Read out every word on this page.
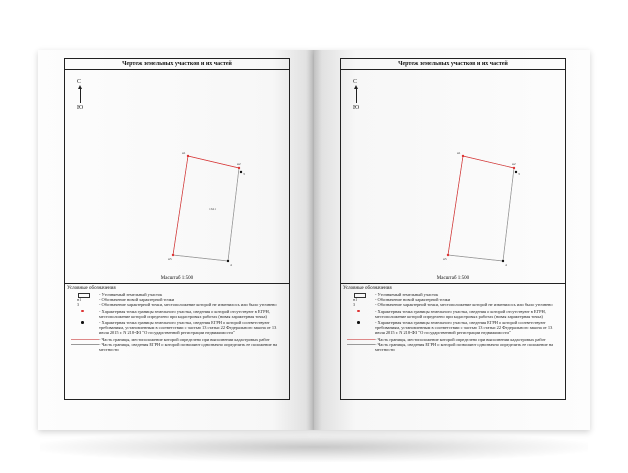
Чертеж земельных участков и их частей
С
Ю
н1
н2
3
4
н5
1641
Масштаб 1:500
Условные обозначения
- Уточняемый земельный участок
н1	- Обозначение новой характерной точки
3	- Обозначение характерной точки, местоположение которой не изменилось или было уточнено
- Характерная точка границы земельного участка, сведения о которой отсутствуют в ЕГРН, местоположение которой определено при кадастровых работах (новая характерная точка)
- Характерная точка границы земельного участка, сведения ЕГРН о которой соответствуют требованиям, установленным в соответствии с частью 13 статьи 22 Федерального закона от 13 июля 2015 г. N 218-ФЗ "О государственной регистрации недвижимости"
- Часть границы, местоположение которой определено при выполнении кадастровых работ
- Часть границы, сведения ЕГРН о которой позволяют однозначно определить ее положение на местности
Чертеж земельных участков и их частей
С
Ю
н1
н2
3
4
н5
Масштаб 1:500
Условные обозначения
- Уточняемый земельный участок
н1	- Обозначение новой характерной точки
3	- Обозначение характерной точки, местоположение которой не изменилось или было уточнено
- Характерная точка границы земельного участка, сведения о которой отсутствуют в ЕГРН, местоположение которой определено при кадастровых работах (новая характерная точка)
- Характерная точка границы земельного участка, сведения ЕГРН о которой соответствуют требованиям, установленным в соответствии с частью 13 статьи 22 Федерального закона от 13 июля 2015 г. N 218-ФЗ "О государственной регистрации недвижимости"
- Часть границы, местоположение которой определено при выполнении кадастровых работ
- Часть границы, сведения ЕГРН о которой позволяют однозначно определить ее положение на местности
